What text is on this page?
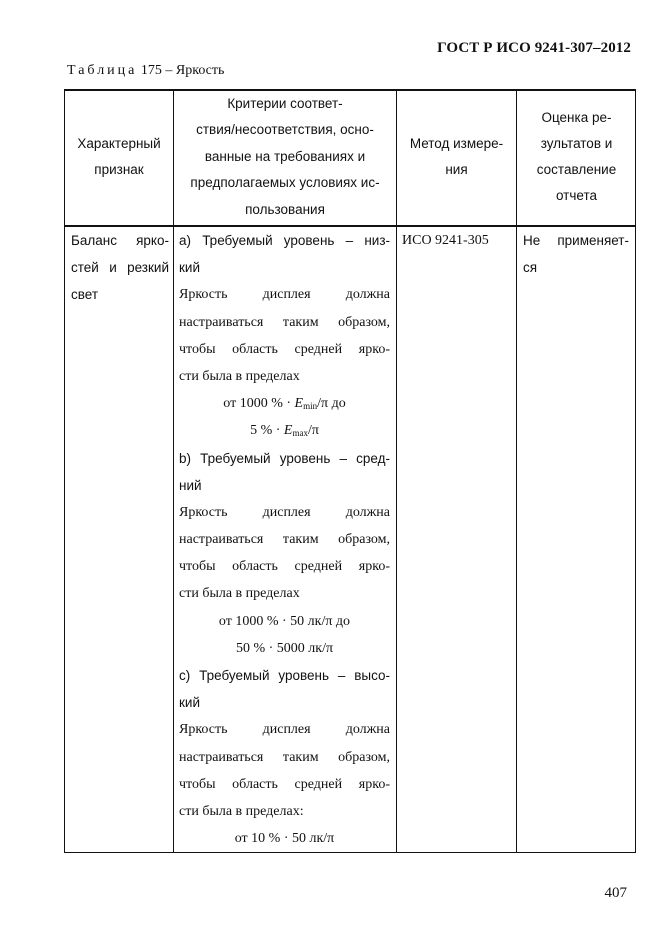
ГОСТ Р ИСО 9241-307–2012
Таблица 175 – Яркость
Характерный
признак
Критерии соответ-
ствия/несоответствия, осно-
ванные на требованиях и
предполагаемых условиях ис-
пользования
Метод измере-
ния
Оценка ре-
зультатов и
составление
отчета
Баланс ярко-
стей и резкий
свет
a) Требуемый уровень – низ-
кий
Яркость дисплея должна
настраиваться таким образом,
чтобы область средней ярко-
сти была в пределах
от 1000 % · $E_{min}/\pi$ до
5 % · $E_{max}/\pi$
b) Требуемый уровень – сред-
ний
Яркость дисплея должна
настраиваться таким образом,
чтобы область средней ярко-
сти была в пределах
от 1000 % · 50 лк/π до
50 % · 5000 лк/π
c) Требуемый уровень – высо-
кий
Яркость дисплея должна
настраиваться таким образом,
чтобы область средней ярко-
сти была в пределах:
от 10 % · 50 лк/π
ИСО 9241-305	Не применяет-
ся
407
